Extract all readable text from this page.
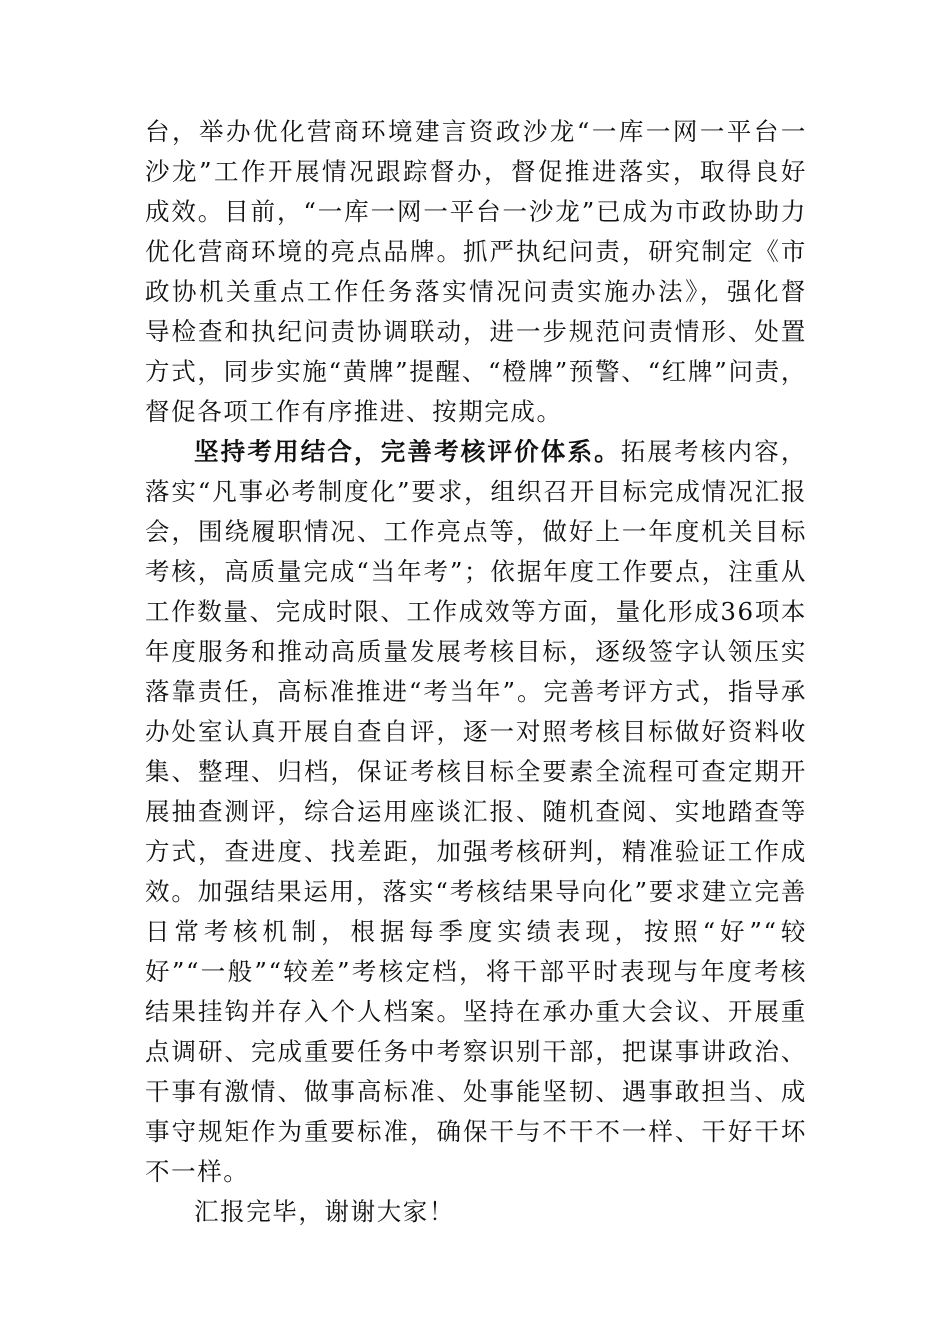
台，举办优化营商环境建言资政沙龙“一库一网一平台一沙龙”工作开展情况跟踪督办，督促推进落实，取得良好成效。目前，“一库一网一平台一沙龙”已成为市政协助力优化营商环境的亮点品牌。抓严执纪问责，研究制定《市政协机关重点工作任务落实情况问责实施办法》，强化督导检查和执纪问责协调联动，进一步规范问责情形、处置方式，同步实施“黄牌”提醒、“橙牌”预警、“红牌”问责，督促各项工作有序推进、按期完成。

坚持考用结合，完善考核评价体系。拓展考核内容，落实“凡事必考制度化”要求，组织召开目标完成情况汇报会，围绕履职情况、工作亮点等，做好上一年度机关目标考核，高质量完成“当年考”；依据年度工作要点，注重从工作数量、完成时限、工作成效等方面，量化形成36项本年度服务和推动高质量发展考核目标，逐级签字认领压实落靠责任，高标准推进“考当年”。完善考评方式，指导承办处室认真开展自查自评，逐一对照考核目标做好资料收集、整理、归档，保证考核目标全要素全流程可查定期开展抽查测评，综合运用座谈汇报、随机查阅、实地踏查等方式，查进度、找差距，加强考核研判，精准验证工作成效。加强结果运用，落实“考核结果导向化”要求建立完善日常考核机制，根据每季度实绩表现，按照“好”“较好”“一般”“较差”考核定档，将干部平时表现与年度考核结果挂钩并存入个人档案。坚持在承办重大会议、开展重点调研、完成重要任务中考察识别干部，把谋事讲政治、干事有激情、做事高标准、处事能坚韧、遇事敢担当、成事守规矩作为重要标准，确保干与不干不一样、干好干坏不一样。

汇报完毕，谢谢大家！
